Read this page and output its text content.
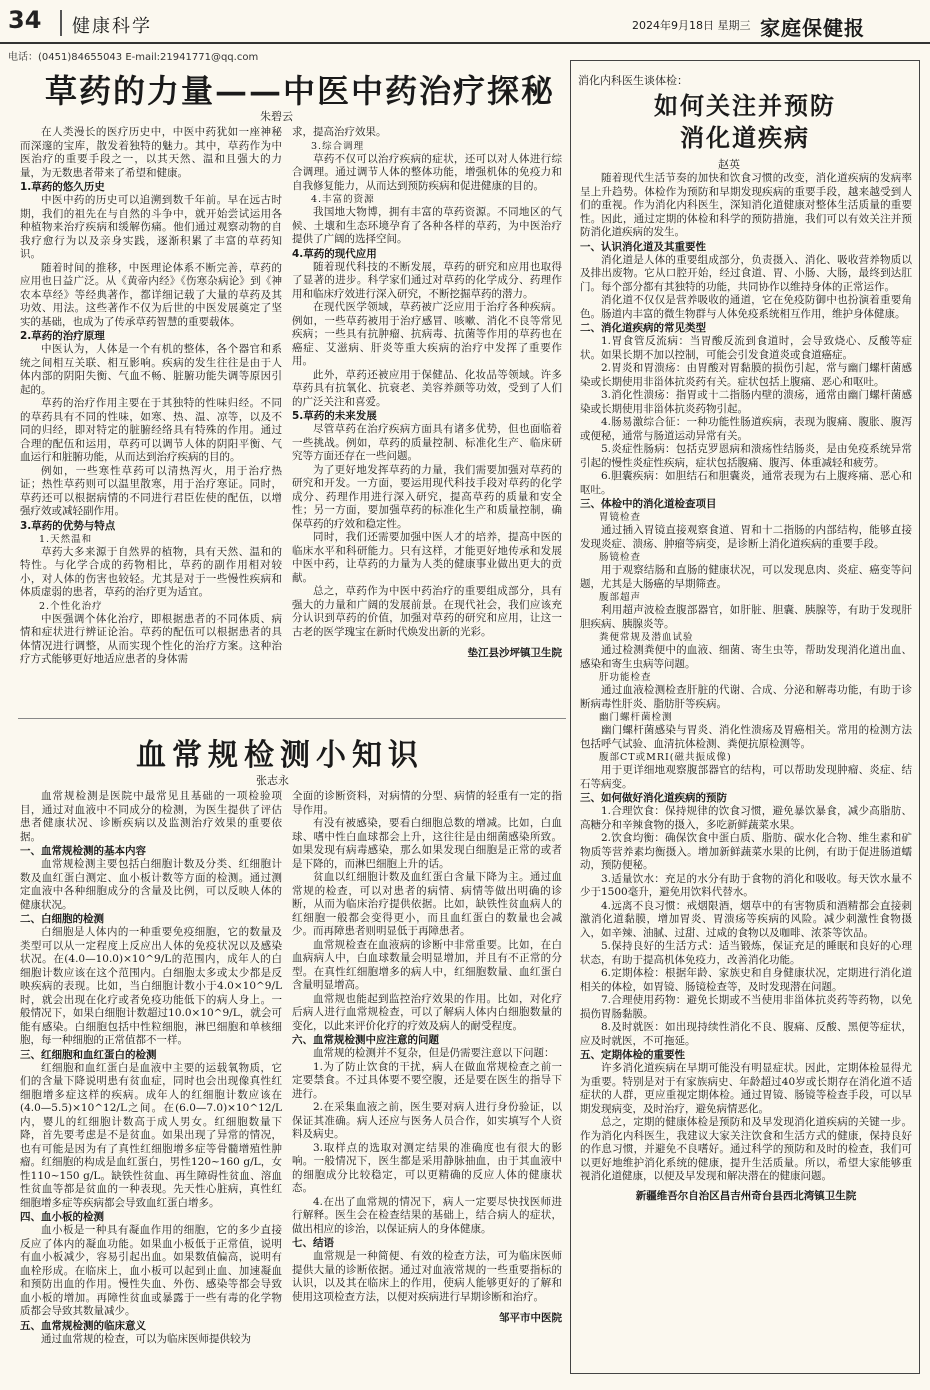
34 健康科学	2024年9月18日 星期三 家庭保健报
电话：(0451)84655043 E-mail:21941771@qq.com
草药的力量——中医中药治疗探秘
朱碧云

在人类漫长的医疗历史中，中医中药犹如一座神秘而深邃的宝库，散发着独特的魅力。其中，草药作为中医治疗的重要手段之一，以其天然、温和且强大的力量，为无数患者带来了希望和健康。

1.草药的悠久历史

中医中药的历史可以追溯到数千年前。早在远古时期，我们的祖先在与自然的斗争中，就开始尝试运用各种植物来治疗疾病和缓解伤痛。他们通过观察动物的自我疗愈行为以及亲身实践，逐渐积累了丰富的草药知识。

随着时间的推移，中医理论体系不断完善，草药的应用也日益广泛。从《黄帝内经》《伤寒杂病论》到《神农本草经》等经典著作，都详细记载了大量的草药及其功效、用法。这些著作不仅为后世的中医发展奠定了坚实的基础，也成为了传承草药智慧的重要载体。

2.草药的治疗原理

中医认为，人体是一个有机的整体，各个器官和系统之间相互关联、相互影响。疾病的发生往往是由于人体内部的阴阳失衡、气血不畅、脏腑功能失调等原因引起的。

草药的治疗作用主要在于其独特的性味归经。不同的草药具有不同的性味，如寒、热、温、凉等，以及不同的归经，即对特定的脏腑经络具有特殊的作用。通过合理的配伍和运用，草药可以调节人体的阴阳平衡、气血运行和脏腑功能，从而达到治疗疾病的目的。

例如，一些寒性草药可以清热泻火，用于治疗热证；热性草药则可以温里散寒，用于治疗寒证。同时，草药还可以根据病情的不同进行君臣佐使的配伍，以增强疗效或减轻副作用。

3.草药的优势与特点
1.天然温和

草药大多来源于自然界的植物，具有天然、温和的特性。与化学合成的药物相比，草药的副作用相对较小，对人体的伤害也较轻。尤其是对于一些慢性疾病和体质虚弱的患者，草药的治疗更为适宜。

2.个性化治疗

中医强调个体化治疗，即根据患者的不同体质、病情和症状进行辨证论治。草药的配伍可以根据患者的具体情况进行调整，从而实现个性化的治疗方案。这种治疗方式能够更好地适应患者的身体需

求，提高治疗效果。

3.综合调理

草药不仅可以治疗疾病的症状，还可以对人体进行综合调理。通过调节人体的整体功能，增强机体的免疫力和自我修复能力，从而达到预防疾病和促进健康的目的。

4.丰富的资源

我国地大物博，拥有丰富的草药资源。不同地区的气候、土壤和生态环境孕育了各种各样的草药，为中医治疗提供了广阔的选择空间。

4.草药的现代应用

随着现代科技的不断发展，草药的研究和应用也取得了显著的进步。科学家们通过对草药的化学成分、药理作用和临床疗效进行深入研究，不断挖掘草药的潜力。

在现代医学领域，草药被广泛应用于治疗各种疾病。例如，一些草药被用于治疗感冒、咳嗽、消化不良等常见疾病；一些具有抗肿瘤、抗病毒、抗菌等作用的草药也在癌症、艾滋病、肝炎等重大疾病的治疗中发挥了重要作用。

此外，草药还被应用于保健品、化妆品等领域。许多草药具有抗氧化、抗衰老、美容养颜等功效，受到了人们的广泛关注和喜爱。

5.草药的未来发展

尽管草药在治疗疾病方面具有诸多优势，但也面临着一些挑战。例如，草药的质量控制、标准化生产、临床研究等方面还存在一些问题。

为了更好地发挥草药的力量，我们需要加强对草药的研究和开发。一方面，要运用现代科技手段对草药的化学成分、药理作用进行深入研究，提高草药的质量和安全性；另一方面，要加强草药的标准化生产和质量控制，确保草药的疗效和稳定性。

同时，我们还需要加强中医人才的培养，提高中医的临床水平和科研能力。只有这样，才能更好地传承和发展中医中药，让草药的力量为人类的健康事业做出更大的贡献。

总之，草药作为中医中药治疗的重要组成部分，具有强大的力量和广阔的发展前景。在现代社会，我们应该充分认识到草药的价值，加强对草药的研究和应用，让这一古老的医学瑰宝在新时代焕发出新的光彩。

垫江县沙坪镇卫生院
血常规检测小知识
张志永

血常规检测是医院中最常见且基础的一项检验项目，通过对血液中不同成分的检测，为医生提供了评估患者健康状况、诊断疾病以及监测治疗效果的重要依据。

一、血常规检测的基本内容

血常规检测主要包括白细胞计数及分类、红细胞计数及血红蛋白测定、血小板计数等方面的检测。通过测定血液中各种细胞成分的含量及比例，可以反映人体的健康状况。

二、白细胞的检测

白细胞是人体内的一种重要免疫细胞，它的数量及类型可以从一定程度上反应出人体的免疫状况以及感染状况。在(4.0—10.0)×10^9/L的范围内，成年人的白细胞计数应该在这个范围内。白细胞太多或太少都是反映疾病的表现。比如，当白细胞计数小于4.0×10^9/L时，就会出现在化疗或者免疫功能低下的病人身上。一般情况下，如果白细胞计数超过10.0×10^9/L，就会可能有感染。白细胞包括中性粒细胞，淋巴细胞和单核细胞，每一种细胞的正常值都不一样。

三、红细胞和血红蛋白的检测

红细胞和血红蛋白是血液中主要的运载氧物质，它们的含量下降说明患有贫血症，同时也会出现像真性红细胞增多症这样的疾病。成年人的红细胞计数应该在(4.0—5.5)×10^12/L之间。在(6.0—7.0)×10^12/L内，婴儿的红细胞计数高于成人男女。红细胞数量下降，首先要考虑是不是贫血。如果出现了异常的情况，也有可能是因为有了真性红细胞增多症等骨髓增殖性肿瘤。红细胞的构成是血红蛋白，男性120~160 g/L，女性110~150 g/L。缺铁性贫血、再生障碍性贫血、溶血性贫血等都是贫血的一种表现。先天性心脏病，真性红细胞增多症等疾病都会导致血红蛋白增多。

四、血小板的检测

血小板是一种具有凝血作用的细胞，它的多少直接反应了体内的凝血功能。如果血小板低于正常值，说明有血小板减少，容易引起出血。如果数值偏高，说明有血栓形成。在临床上，血小板可以起到止血、加速凝血和预防出血的作用。慢性失血、外伤、感染等都会导致血小板的增加。再障性贫血或暴露于一些有毒的化学物质都会导致其数量减少。

五、血常规检测的临床意义

通过血常规的检查，可以为临床医师提供较为

全面的诊断资料，对病情的分型、病情的轻重有一定的指导作用。

有没有被感染，要看白细胞总数的增减。比如，白血球、嗜中性白血球都会上升，这往往是由细菌感染所致。如果发现有病毒感染，那么如果发现白细胞是正常的或者是下降的，而淋巴细胞上升的话。

贫血以红细胞计数及血红蛋白含量下降为主。通过血常规的检查，可以对患者的病情、病情等做出明确的诊断，从而为临床治疗提供依据。比如，缺铁性贫血病人的红细胞一般都会变得更小，而且血红蛋白的数量也会减少。而再障患者则明显低于再障患者。

血常规检查在血液病的诊断中非常重要。比如，在白血病病人中，白血球数量会明显增加，并且有不正常的分型。在真性红细胞增多的病人中，红细胞数量、血红蛋白含量明显增高。

血常规也能起到监控治疗效果的作用。比如，对化疗后病人进行血常规检查，可以了解病人体内白细胞数量的变化，以此来评价化疗的疗效及病人的耐受程度。

六、血常规检测中应注意的问题

血常规的检测并不复杂，但是仍需要注意以下问题：

1.为了防止饮食的干扰，病人在做血常规检查之前一定要禁食。不过具体要不要空腹，还是要在医生的指导下进行。

2.在采集血液之前，医生要对病人进行身份验证，以保证其准确。病人还应与医务人员合作，如实填写个人资料及病史。

3.取样点的选取对测定结果的准确度也有很大的影响。一般情况下，医生都是采用静脉抽血，由于其血液中的细胞成分比较稳定，可以更精确的反应人体的健康状态。

4.在出了血常规的情况下，病人一定要尽快找医师进行解释。医生会在检查结果的基础上，结合病人的症状，做出相应的诊治，以保证病人的身体健康。

七、结语

血常规是一种简便、有效的检查方法，可为临床医师提供大量的诊断依据。通过对血液常规的一些重要指标的认识，以及其在临床上的作用，使病人能够更好的了解和使用这项检查方法，以便对疾病进行早期诊断和治疗。

邹平市中医院
消化内科医生谈体检：
如何关注并预防
消化道疾病
赵英

随着现代生活节奏的加快和饮食习惯的改变，消化道疾病的发病率呈上升趋势。体检作为预防和早期发现疾病的重要手段，越来越受到人们的重视。作为消化内科医生，深知消化道健康对整体生活质量的重要性。因此，通过定期的体检和科学的预防措施，我们可以有效关注并预防消化道疾病的发生。

一、认识消化道及其重要性

消化道是人体的重要组成部分，负责摄入、消化、吸收营养物质以及排出废物。它从口腔开始，经过食道、胃、小肠、大肠，最终到达肛门。每个部分都有其独特的功能，共同协作以维持身体的正常运作。

消化道不仅仅是营养吸收的通道，它在免疫防御中也扮演着重要角色。肠道内丰富的微生物群与人体免疫系统相互作用，维护身体健康。

二、消化道疾病的常见类型

1.胃食管反流病：当胃酸反流到食道时，会导致烧心、反酸等症状。如果长期不加以控制，可能会引发食道炎或食道癌症。

2.胃炎和胃溃疡：由胃酸对胃黏膜的损伤引起，常与幽门螺杆菌感染或长期使用非甾体抗炎药有关。症状包括上腹痛、恶心和呕吐。

3.消化性溃疡：指胃或十二指肠内壁的溃疡，通常由幽门螺杆菌感染或长期使用非甾体抗炎药物引起。

4.肠易激综合征：一种功能性肠道疾病，表现为腹痛、腹胀、腹泻或便秘，通常与肠道运动异常有关。

5.炎症性肠病：包括克罗恩病和溃疡性结肠炎，是由免疫系统异常引起的慢性炎症性疾病，症状包括腹痛、腹泻、体重减轻和疲劳。

6.胆囊疾病：如胆结石和胆囊炎，通常表现为右上腹疼痛、恶心和呕吐。

三、体检中的消化道检查项目
胃镜检查

通过插入胃镜直接观察食道、胃和十二指肠的内部结构，能够直接发现炎症、溃疡、肿瘤等病变，是诊断上消化道疾病的重要手段。

肠镜检查

用于观察结肠和直肠的健康状况，可以发现息肉、炎症、癌变等问题，尤其是大肠癌的早期筛查。

腹部超声

利用超声波检查腹部器官，如肝脏、胆囊、胰腺等，有助于发现肝胆疾病、胰腺炎等。

粪便常规及潜血试验

通过检测粪便中的血液、细菌、寄生虫等，帮助发现消化道出血、感染和寄生虫病等问题。

肝功能检查

通过血液检测检查肝脏的代谢、合成、分泌和解毒功能，有助于诊断病毒性肝炎、脂肪肝等疾病。

幽门螺杆菌检测

幽门螺杆菌感染与胃炎、消化性溃疡及胃癌相关。常用的检测方法包括呼气试验、血清抗体检测、粪便抗原检测等。

腹部CT或MRI(磁共振成像)

用于更详细地观察腹部器官的结构，可以帮助发现肿瘤、炎症、结石等病变。

三、如何做好消化道疾病的预防

1.合理饮食：保持规律的饮食习惯，避免暴饮暴食，减少高脂肪、高糖分和辛辣食物的摄入，多吃新鲜蔬菜水果。

2.饮食均衡：确保饮食中蛋白质、脂肪、碳水化合物、维生素和矿物质等营养素均衡摄入。增加新鲜蔬菜水果的比例，有助于促进肠道蠕动，预防便秘。

3.适量饮水：充足的水分有助于食物的消化和吸收。每天饮水量不少于1500毫升，避免用饮料代替水。

4.远离不良习惯：戒烟限酒，烟草中的有害物质和酒精都会直接刺激消化道黏膜，增加胃炎、胃溃疡等疾病的风险。减少刺激性食物摄入，如辛辣、油腻、过甜、过咸的食物以及咖啡、浓茶等饮品。

5.保持良好的生活方式：适当锻炼，保证充足的睡眠和良好的心理状态，有助于提高机体免疫力，改善消化功能。

6.定期体检：根据年龄、家族史和自身健康状况，定期进行消化道相关的体检，如胃镜、肠镜检查等，及时发现潜在问题。

7.合理使用药物：避免长期或不当使用非甾体抗炎药等药物，以免损伤胃肠黏膜。

8.及时就医：如出现持续性消化不良、腹痛、反酸、黑便等症状，应及时就医，不可拖延。

五、定期体检的重要性

许多消化道疾病在早期可能没有明显症状。因此，定期体检显得尤为重要。特别是对于有家族病史、年龄超过40岁或长期存在消化道不适症状的人群，更应重视定期体检。通过胃镜、肠镜等检查手段，可以早期发现病变，及时治疗，避免病情恶化。

总之，定期的健康体检是预防和及早发现消化道疾病的关键一步。作为消化内科医生，我建议大家关注饮食和生活方式的健康，保持良好的作息习惯，并避免不良嗜好。通过科学的预防和及时的检查，我们可以更好地维护消化系统的健康，提升生活质量。所以，希望大家能够重视消化道健康，以便及早发现和解决潜在的健康问题。

新疆维吾尔自治区昌吉州奇台县西北湾镇卫生院
